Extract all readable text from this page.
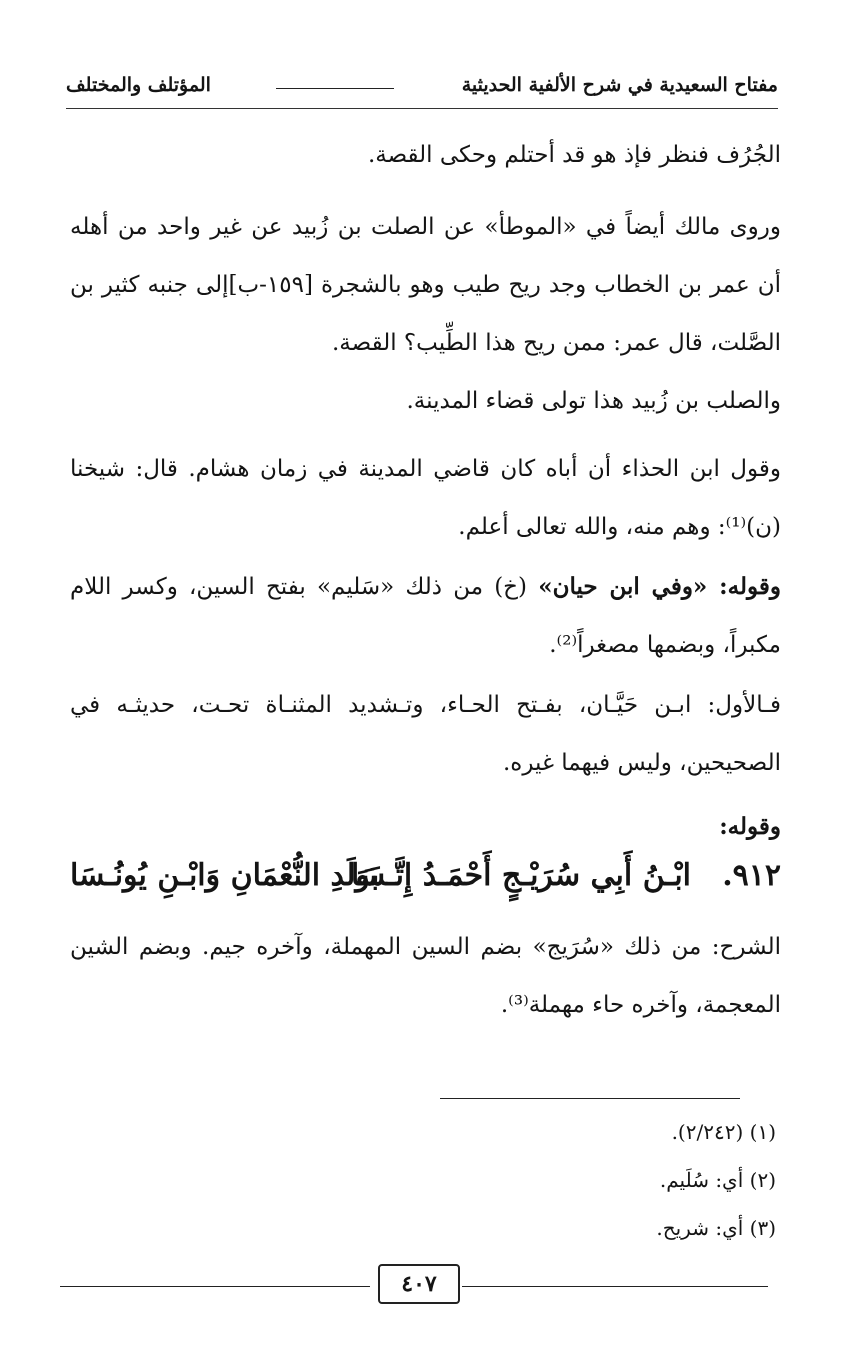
مفتاح السعيدية في شرح الألفية الحديثية
المؤتلف والمختلف

الجُرُف فنظر فإذ هو قد أحتلم وحكى القصة.

وروى مالك أيضاً في «الموطأ» عن الصلت بن زُبيد عن غير واحد من أهله أن عمر بن الخطاب وجد ريح طيب وهو بالشجرة [١٥٩-ب]إلى جنبه كثير بن الصَّلت، قال عمر: ممن ريح هذا الطِّيب؟ القصة.

والصلب بن زُبيد هذا تولى قضاء المدينة.

وقول ابن الحذاء أن أباه كان قاضي المدينة في زمان هشام. قال: شيخنا (ن)⁽¹⁾: وهم منه، والله تعالى أعلم.

وقوله: «وفي ابن حيان» (خ) من ذلك «سَليم» بفتح السين، وكسر اللام مكبراً، وبضمها مصغراً⁽²⁾.

فـالأول: ابـن حَيَّـان، بفـتح الحـاء، وتـشديد المثنـاة تحـت، حديثـه في الصحيحين، وليس فيهما غيره.

وقوله:

٩١٢.
ابْـنُ أَبِي سُرَيْـجٍ أَحْمَـدُ إِتَّـسَا
بَوَلَدِ النُّعْمَانِ وَابْـنِ يُونُـسَا

الشرح: من ذلك «سُرَيج» بضم السين المهملة، وآخره جيم. وبضم الشين المعجمة، وآخره حاء مهملة⁽³⁾.

(١) (٢/٢٤٢).

(٢) أي: سُلَيم.

(٣) أي: شريح.

٤٠٧
